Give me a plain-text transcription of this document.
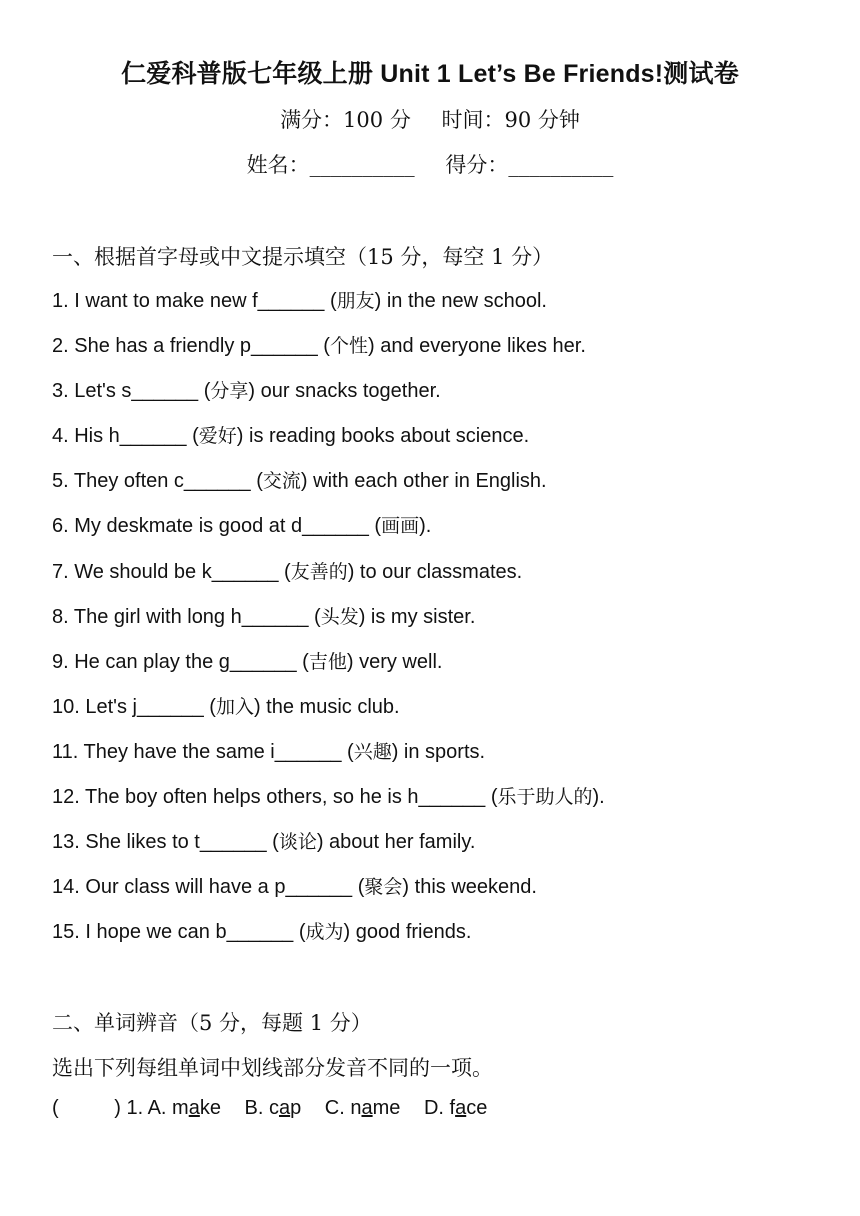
仁爱科普版七年级上册 Unit 1 Let’s Be Friends!测试卷
满分：100 分 时间：90 分钟
姓名：__________ 得分：__________
一、根据首字母或中文提示填空（15 分，每空 1 分）
1. I want to make new f______ (朋友) in the new school.
2. She has a friendly p______ (个性) and everyone likes her.
3. Let's s______ (分享) our snacks together.
4. His h______ (爱好) is reading books about science.
5. They often c______ (交流) with each other in English.
6. My deskmate is good at d______ (画画).
7. We should be k______ (友善的) to our classmates.
8. The girl with long h______ (头发) is my sister.
9. He can play the g______ (吉他) very well.
10. Let's j______ (加入) the music club.
11. They have the same i______ (兴趣) in sports.
12. The boy often helps others, so he is h______ (乐于助人的).
13. She likes to t______ (谈论) about her family.
14. Our class will have a p______ (聚会) this weekend.
15. I hope we can b______ (成为) good friends.
二、单词辨音（5 分，每题 1 分）
选出下列每组单词中划线部分发音不同的一项。
(          ) 1. A. make B. cap C. name D. face
